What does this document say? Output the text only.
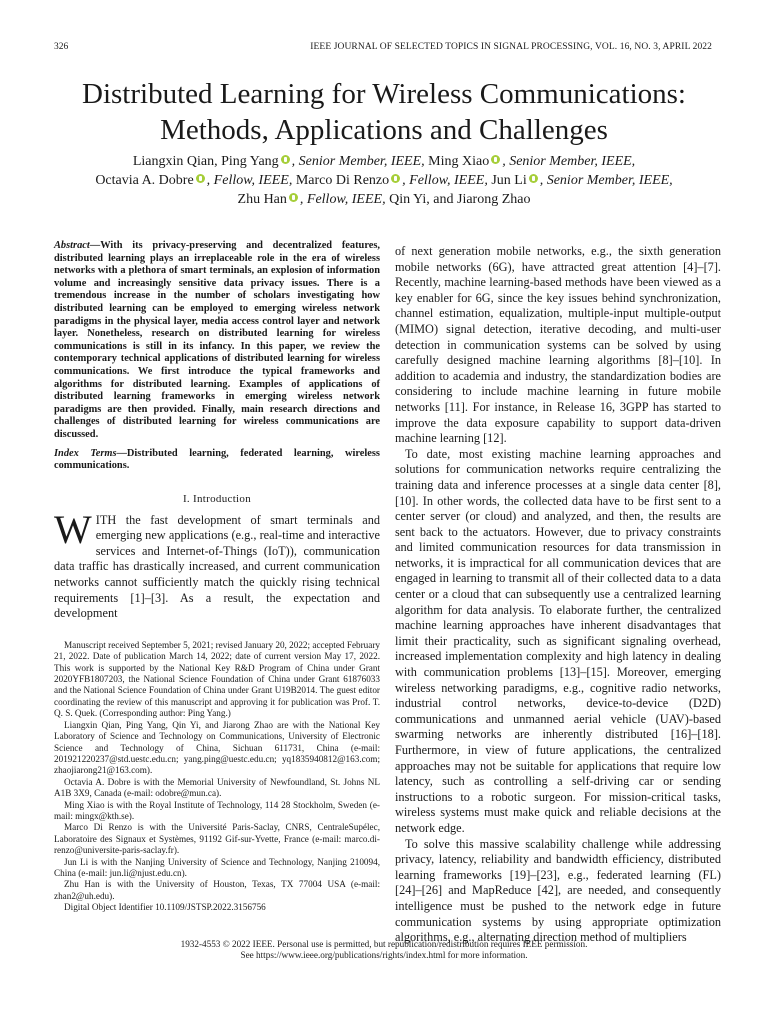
326	IEEE JOURNAL OF SELECTED TOPICS IN SIGNAL PROCESSING, VOL. 16, NO. 3, APRIL 2022
Distributed Learning for Wireless Communications:
Methods, Applications and Challenges
Liangxin Qian, Ping Yang , Senior Member, IEEE, Ming Xiao , Senior Member, IEEE,
Octavia A. Dobre , Fellow, IEEE, Marco Di Renzo , Fellow, IEEE, Jun Li , Senior Member, IEEE,
Zhu Han , Fellow, IEEE, Qin Yi, and Jiarong Zhao
Abstract—With its privacy-preserving and decentralized features, distributed learning plays an irreplaceable role in the era of wireless networks with a plethora of smart terminals, an explosion of information volume and increasingly sensitive data privacy issues. There is a tremendous increase in the number of scholars investigating how distributed learning can be employed to emerging wireless network paradigms in the physical layer, media access control layer and network layer. Nonetheless, research on distributed learning for wireless communications is still in its infancy. In this paper, we review the contemporary technical applications of distributed learning for wireless communications. We first introduce the typical frameworks and algorithms for distributed learning. Examples of applications of distributed learning frameworks in emerging wireless network paradigms are then provided. Finally, main research directions and challenges of distributed learning for wireless communications are discussed.
Index Terms—Distributed learning, federated learning, wireless communications.
I. Introduction
WITH the fast development of smart terminals and emerging new applications (e.g., real-time and interactive services and Internet-of-Things (IoT)), communication data traffic has drastically increased, and current communication networks cannot sufficiently match the quickly rising technical requirements [1]–[3]. As a result, the expectation and development

Manuscript received September 5, 2021; revised January 20, 2022; accepted February 21, 2022. Date of publication March 14, 2022; date of current version May 17, 2022. This work is supported by the National Key R&D Program of China under Grant 2020YFB1807203, the National Science Foundation of China under Grant 61876033 and the National Science Foundation of China under Grant U19B2014. The guest editor coordinating the review of this manuscript and approving it for publication was Prof. T. Q. S. Quek. (Corresponding author: Ping Yang.)

Liangxin Qian, Ping Yang, Qin Yi, and Jiarong Zhao are with the National Key Laboratory of Science and Technology on Communications, University of Electronic Science and Technology of China, Sichuan 611731, China (e-mail: 201921220237@std.uestc.edu.cn; yang.ping@uestc.edu.cn; yq1835940812@163.com; zhaojiarong21@163.com).

Octavia A. Dobre is with the Memorial University of Newfoundland, St. Johns NL A1B 3X9, Canada (e-mail: odobre@mun.ca).

Ming Xiao is with the Royal Institute of Technology, 114 28 Stockholm, Sweden (e-mail: mingx@kth.se).

Marco Di Renzo is with the Université Paris-Saclay, CNRS, CentraleSupélec, Laboratoire des Signaux et Systèmes, 91192 Gif-sur-Yvette, France (e-mail: marco.di-renzo@universite-paris-saclay.fr).

Jun Li is with the Nanjing University of Science and Technology, Nanjing 210094, China (e-mail: jun.li@njust.edu.cn).

Zhu Han is with the University of Houston, Texas, TX 77004 USA (e-mail: zhan2@uh.edu).

Digital Object Identifier 10.1109/JSTSP.2022.3156756

of next generation mobile networks, e.g., the sixth generation mobile networks (6G), have attracted great attention [4]–[7]. Recently, machine learning-based methods have been viewed as a key enabler for 6G, since the key issues behind synchronization, channel estimation, equalization, multiple-input multiple-output (MIMO) signal detection, iterative decoding, and multi-user detection in communication systems can be solved by using carefully designed machine learning algorithms [8]–[10]. In addition to academia and industry, the standardization bodies are considering to include machine learning in future mobile networks [11]. For instance, in Release 16, 3GPP has started to improve the data exposure capability to support data-driven machine learning [12].

To date, most existing machine learning approaches and solutions for communication networks require centralizing the training data and inference processes at a single data center [8], [10]. In other words, the collected data have to be first sent to a center server (or cloud) and analyzed, and then, the results are sent back to the actuators. However, due to privacy constraints and limited communication resources for data transmission in networks, it is impractical for all communication devices that are engaged in learning to transmit all of their collected data to a data center or a cloud that can subsequently use a centralized learning algorithm for data analysis. To elaborate further, the centralized machine learning approaches have inherent disadvantages that limit their practicality, such as significant signaling overhead, increased implementation complexity and high latency in dealing with communication problems [13]–[15]. Moreover, emerging wireless networking paradigms, e.g., cognitive radio networks, industrial control networks, device-to-device (D2D) communications and unmanned aerial vehicle (UAV)-based swarming networks are inherently distributed [16]–[18]. Furthermore, in view of future applications, the centralized approaches may not be suitable for applications that require low latency, such as controlling a self-driving car or sending instructions to a robotic surgeon. For mission-critical tasks, wireless systems must make quick and reliable decisions at the network edge.

To solve this massive scalability challenge while addressing privacy, latency, reliability and bandwidth efficiency, distributed learning frameworks [19]–[23], e.g., federated learning (FL) [24]–[26] and MapReduce [42], are needed, and consequently intelligence must be pushed to the network edge in future communication systems by using appropriate optimization algorithms, e.g., alternating direction method of multipliers

1932-4553 © 2022 IEEE. Personal use is permitted, but republication/redistribution requires IEEE permission.
See https://www.ieee.org/publications/rights/index.html for more information.
